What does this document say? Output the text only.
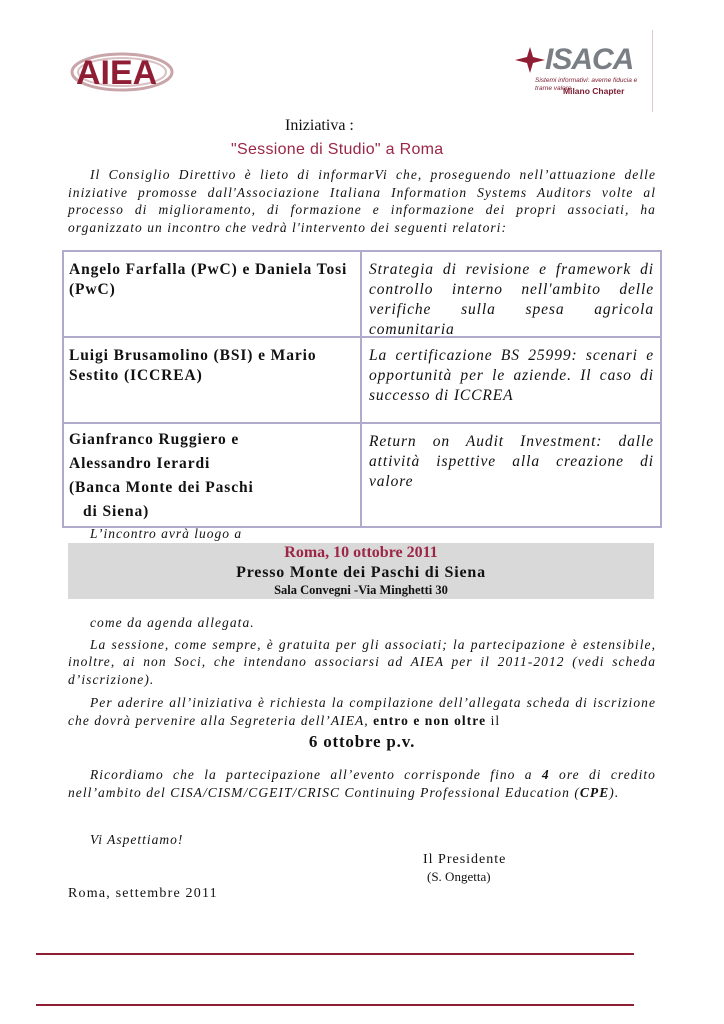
AIEA	ISACA
Sistemi informativi: averne fiducia e trarne valore
Milano Chapter
Iniziativa :
"Sessione di Studio" a Roma

Il Consiglio Direttivo è lieto di informarVi che, proseguendo nell’attuazione delle iniziative promosse dall'Associazione Italiana Information Systems Auditors volte al processo di miglioramento, di formazione e informazione dei propri associati, ha organizzato un incontro che vedrà l'intervento dei seguenti relatori:

Angelo Farfalla (PwC) e Daniela Tosi (PwC)
Strategia di revisione e framework di controllo interno nell'ambito delle verifiche sulla spesa agricola comunitaria
Luigi Brusamolino (BSI) e Mario Sestito (ICCREA)
La certificazione BS 25999: scenari e opportunità per le aziende. Il caso di successo di ICCREA
Gianfranco Ruggiero e
Alessandro Ierardi
(Banca Monte dei Paschi
di Siena)
Return on Audit Investment: dalle attività ispettive alla creazione di valore
L’incontro avrà luogo a
Roma, 10 ottobre 2011
Presso Monte dei Paschi di Siena
Sala Convegni -Via Minghetti 30

come da agenda allegata.

La sessione, come sempre, è gratuita per gli associati; la partecipazione è estensibile, inoltre, ai non Soci, che intendano associarsi ad AIEA per il 2011-2012 (vedi scheda d’iscrizione).

Per aderire all’iniziativa è richiesta la compilazione dell’allegata scheda di iscrizione che dovrà pervenire alla Segreteria dell’AIEA, entro e non oltre il

6 ottobre p.v.

Ricordiamo che la partecipazione all’evento corrisponde fino a 4 ore di credito nell’ambito del CISA/CISM/CGEIT/CRISC Continuing Professional Education (CPE).

Vi Aspettiamo!
Il Presidente
(S. Ongetta)
Roma, settembre 2011
